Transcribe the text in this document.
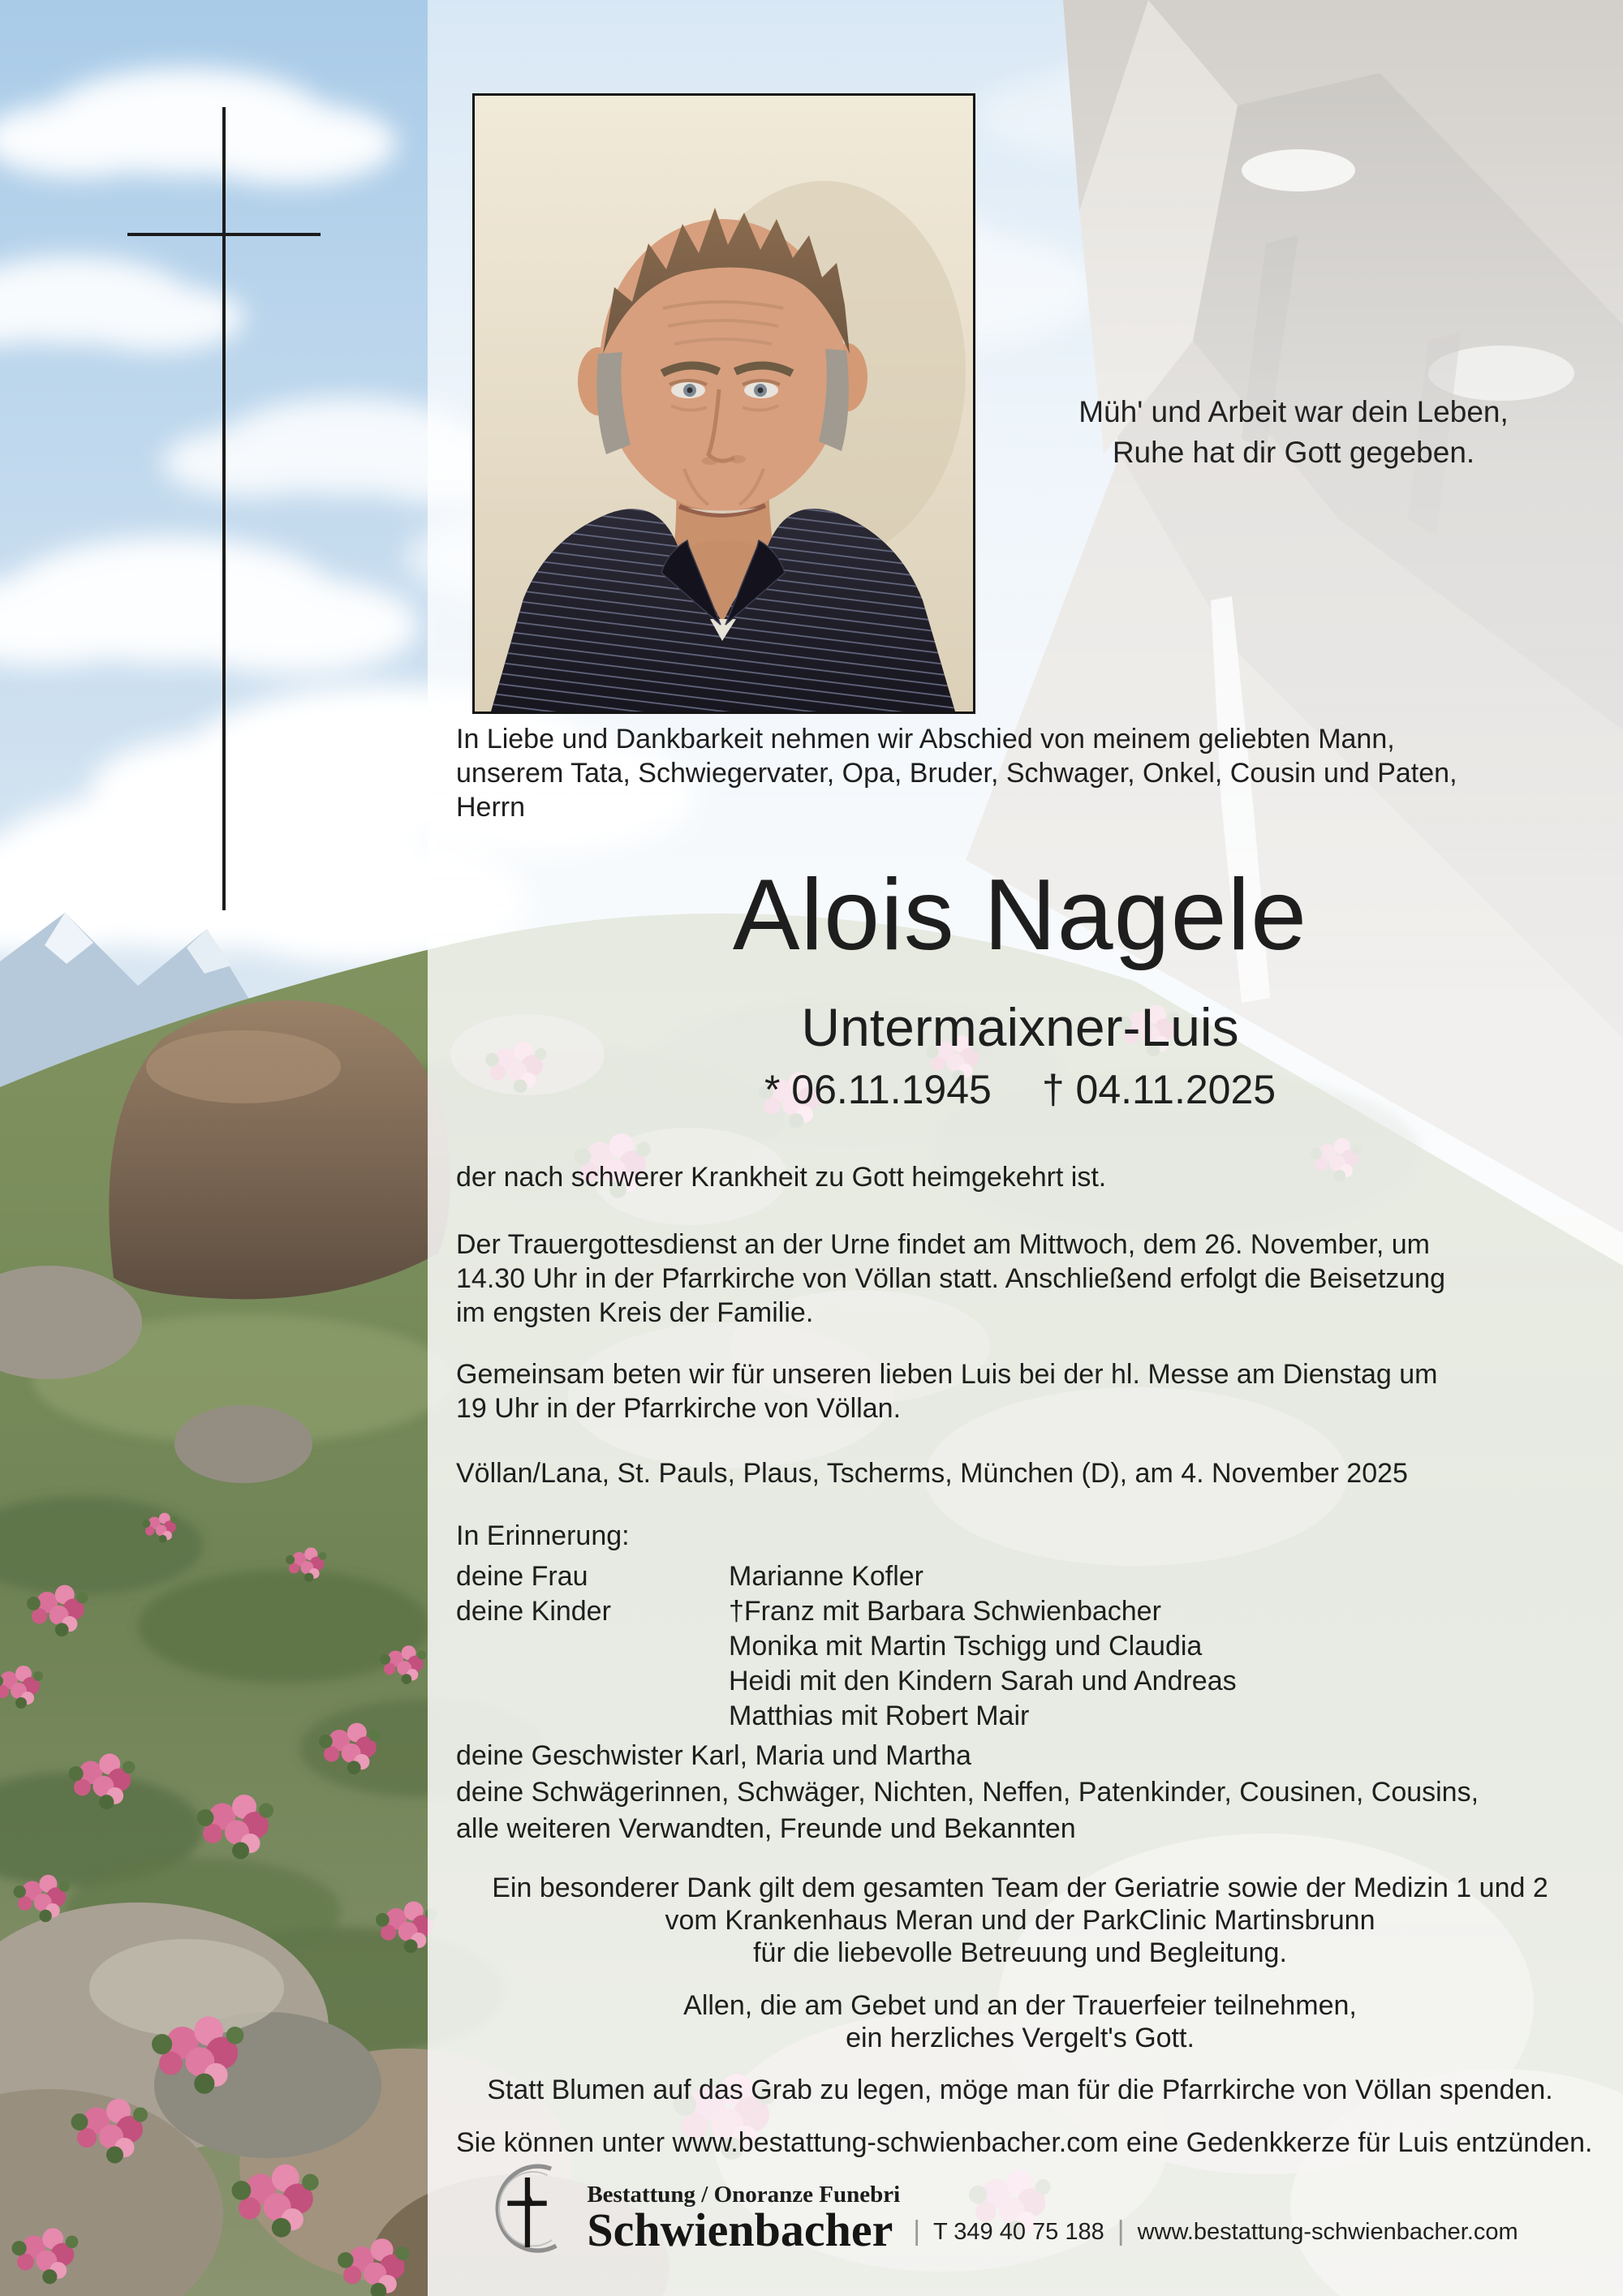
Müh' und Arbeit war dein Leben,
Ruhe hat dir Gott gegeben.
In Liebe und Dankbarkeit nehmen wir Abschied von meinem geliebten Mann,
unserem Tata, Schwiegervater, Opa, Bruder, Schwager, Onkel, Cousin und Paten,
Herrn
Alois Nagele
Untermaixner-Luis
* 06.11.1945 † 04.11.2025
der nach schwerer Krankheit zu Gott heimgekehrt ist.
Der Trauergottesdienst an der Urne findet am Mittwoch, dem 26. November, um
14.30 Uhr in der Pfarrkirche von Völlan statt. Anschließend erfolgt die Beisetzung
im engsten Kreis der Familie.
Gemeinsam beten wir für unseren lieben Luis bei der hl. Messe am Dienstag um
19 Uhr in der Pfarrkirche von Völlan.
Völlan/Lana, St. Pauls, Plaus, Tscherms, München (D), am 4. November 2025
In Erinnerung:
deine Frau	Marianne Kofler
deine Kinder	†Franz mit Barbara Schwienbacher
Monika mit Martin Tschigg und Claudia
Heidi mit den Kindern Sarah und Andreas
Matthias mit Robert Mair
deine Geschwister Karl, Maria und Martha
deine Schwägerinnen, Schwäger, Nichten, Neffen, Patenkinder, Cousinen, Cousins,
alle weiteren Verwandten, Freunde und Bekannten
Ein besonderer Dank gilt dem gesamten Team der Geriatrie sowie der Medizin 1 und 2
vom Krankenhaus Meran und der ParkClinic Martinsbrunn
für die liebevolle Betreuung und Begleitung.
Allen, die am Gebet und an der Trauerfeier teilnehmen,
ein herzliches Vergelt's Gott.
Statt Blumen auf das Grab zu legen, möge man für die Pfarrkirche von Völlan spenden.
Sie können unter www.bestattung-schwienbacher.com eine Gedenkkerze für Luis entzünden.
Bestattung / Onoranze Funebri
Schwienbacher | T 349 40 75 188 | www.bestattung-schwienbacher.com
